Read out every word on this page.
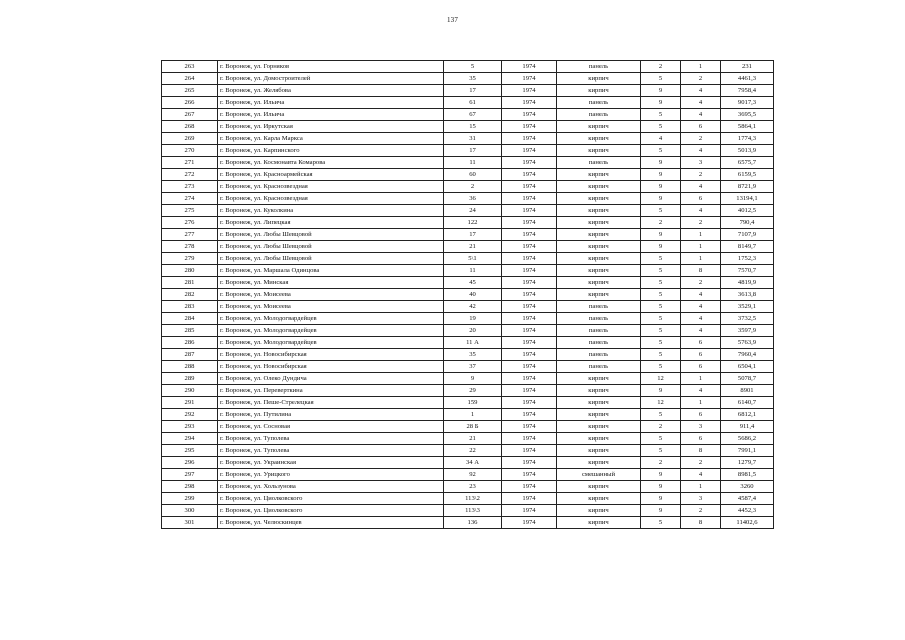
137
263	г. Воронеж, ул. Горняков	5	1974	панель	2	1	231
264	г. Воронеж, ул. Домостроителей	35	1974	кирпич	5	2	4461,3
265	г. Воронеж, ул. Желябова	17	1974	кирпич	9	4	7958,4
266	г. Воронеж, ул. Ильича	61	1974	панель	9	4	9017,3
267	г. Воронеж, ул. Ильича	67	1974	панель	5	4	3695,5
268	г. Воронеж, ул. Иркутская	15	1974	кирпич	5	6	5864,1
269	г. Воронеж, ул. Карла Маркса	31	1974	кирпич	4	2	1774,3
270	г. Воронеж, ул. Карпинского	17	1974	кирпич	5	4	5013,9
271	г. Воронеж, ул. Космонавта Комарова	11	1974	панель	9	3	6575,7
272	г. Воронеж, ул. Красноармейская	60	1974	кирпич	9	2	6159,5
273	г. Воронеж, ул. Краснозвездная	2	1974	кирпич	9	4	8721,9
274	г. Воронеж, ул. Краснозвездная	36	1974	кирпич	9	6	13194,1
275	г. Воронеж, ул. Куколкина	24	1974	кирпич	5	4	4012,5
276	г. Воронеж, ул. Липецкая	122	1974	кирпич	2	2	790,4
277	г. Воронеж, ул. Любы Шевцовой	17	1974	кирпич	9	1	7107,9
278	г. Воронеж, ул. Любы Шевцовой	21	1974	кирпич	9	1	8149,7
279	г. Воронеж, ул. Любы Шевцовой	5\1	1974	кирпич	5	1	1752,3
280	г. Воронеж, ул. Маршала Одинцова	11	1974	кирпич	5	8	7570,7
281	г. Воронеж, ул. Минская	45	1974	кирпич	5	2	4819,9
282	г. Воронеж, ул. Моисеева	40	1974	кирпич	5	4	3613,8
283	г. Воронеж, ул. Моисеева	42	1974	панель	5	4	3529,1
284	г. Воронеж, ул. Молодогвардейцев	19	1974	панель	5	4	3732,5
285	г. Воронеж, ул. Молодогвардейцев	20	1974	панель	5	4	3597,9
286	г. Воронеж, ул. Молодогвардейцев	11 А	1974	панель	5	6	5763,9
287	г. Воронеж, ул. Новосибирская	35	1974	панель	5	6	7960,4
288	г. Воронеж, ул. Новосибирская	37	1974	панель	5	6	6504,1
289	г. Воронеж, ул. Олеко Дундича	9	1974	кирпич	12	1	5078,7
290	г. Воронеж, ул. Переверткина	29	1974	кирпич	9	4	8901
291	г. Воронеж, ул. Пеше-Стрелецкая	159	1974	кирпич	12	1	6140,7
292	г. Воронеж, ул. Путилина	1	1974	кирпич	5	6	6812,1
293	г. Воронеж, ул. Сосновая	28 Б	1974	кирпич	2	3	911,4
294	г. Воронеж, ул. Туполева	21	1974	кирпич	5	6	5686,2
295	г. Воронеж, ул. Туполева	22	1974	кирпич	5	8	7991,1
296	г. Воронеж, ул. Украинская	34 А	1974	кирпич	2	2	1279,7
297	г. Воронеж, ул. Урицкого	92	1974	смешанный	9	4	8981,5
298	г. Воронеж, ул. Хользунова	23	1974	кирпич	9	1	3260
299	г. Воронеж, ул. Циолковского	113\2	1974	кирпич	9	3	4587,4
300	г. Воронеж, ул. Циолковского	113\3	1974	кирпич	9	2	4452,3
301	г. Воронеж, ул. Челюскинцев	136	1974	кирпич	5	8	11402,6
